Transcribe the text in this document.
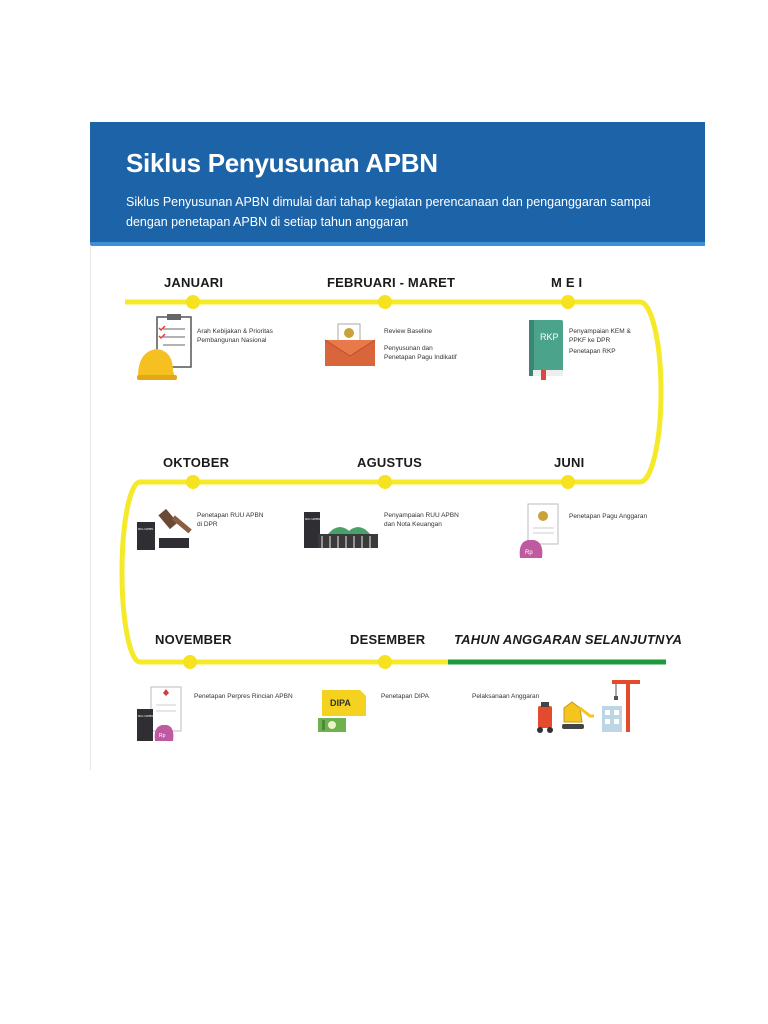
Siklus Penyusunan APBN
Siklus Penyusunan APBN dimulai dari tahap kegiatan perencanaan dan penganggaran sampai dengan penetapan APBN di setiap tahun anggaran
JANUARI	FEBRUARI - MARET	M E I
OKTOBER	AGUSTUS	JUNI
NOVEMBER	DESEMBER TAHUN ANGGARAN SELANJUTNYA
RKP
Rp
RUU APBN
RUU APBN
RUU APBN
Rp
DIPA
Arah Kebijakan & Prioritas Pembangunan Nasional
Review Baseline
Penyusunan dan Penetapan Pagu Indikatif
Penyampaian KEM & PPKF ke DPR
Penetapan RKP
Penetapan Pagu Anggaran
Penyampaian RUU APBN dan Nota Keuangan
Penetapan RUU APBN di DPR
Penetapan Perpres Rincian APBN	Penetapan DIPA	Pelaksanaan Anggaran
